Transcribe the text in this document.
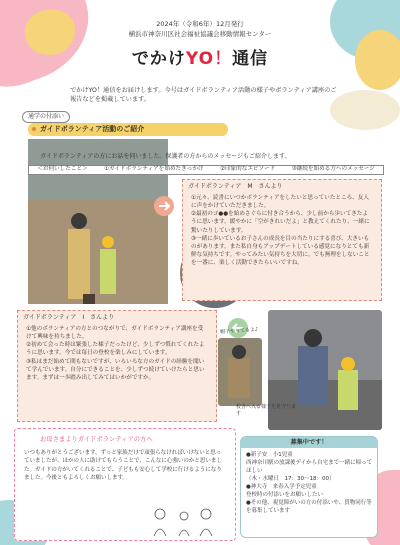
2024年（令和6年）12月発行
横浜市神奈川区社会福祉協議会移動情報センター
でかけYO！通信
でかけYO！通信をお届けします。今号はガイドボランティア活動の様子やボランティア講座のご報告などを掲載しています。
通学の付添い
ガイドボランティア活動のご紹介
ガイドボランティアの方にお話を伺いました。保護者の方からのメッセージもご紹介します。
＜お伺いしたこと＞	①ガイドボランティアを始めたきっかけ	②印象的なエピソード	③継続を始める方へのメッセージ
ガイドボランティア　M　さんより

①元々、読書にいつかボランティアをしたいと思っていたところ、友人に声をかけていただきました。

②最初のゴ●●を始めさぐらに付き合うから、少し前から歩いてきたように思います。緩やかに「空がきれいだよ」と教えてくれたり、一緒に驚いたりしています。

③一緒に歩いているお子さんの成長を目の当たりにする喜び、大きいものがあります。また私自身もアップデートしている感覚になりとても新鮮な気持ちです。やってみたい気持ちを大切に。でも無理をしないことを一番に、楽しく活動できたらいいですね。

ガイドボランティア　I　さんより

①他のボランティアの方とのつながりで、ガイドボランティア講座を受けて興味を持ちました。

②初めて会った時は緊張した様子だったけど、少しずつ慣れてくれたように思います。今では毎日の登校を楽しみにしています。

③私はまだ始めて間もないですが、いろいろな方のガイドの経験を聞いて学んでいます。自分にできることを、少しずつ続けていけたらと思います。まずは一歩踏み出してみてはいかがですか。

帽子やってるよ♪
校舎へ入る様子を見守ります
お母さまよりガイドボランティアの方へ
いつもありがとうございます。ずっと家族だけで頑張らなければいけないと思っていましたが、ほかの人に助けてもらうことで、こんなに心強いのかと思いました。ガイドの方がいてくれることで、子どもも安心して学校に行けるようになりました。今後ともよろしくお願いします。
募集中です！

●新子安　小1児童

西神奈川駅の放課後デイから自宅まで一緒に帰ってほしい

（木・水曜日　17：30～18：00）

●神大寺　来春入学予定児童

登校時の付添いをお願いしたい

●その他、視覚障がいの方の付添いや、買物同行等を募集しています
